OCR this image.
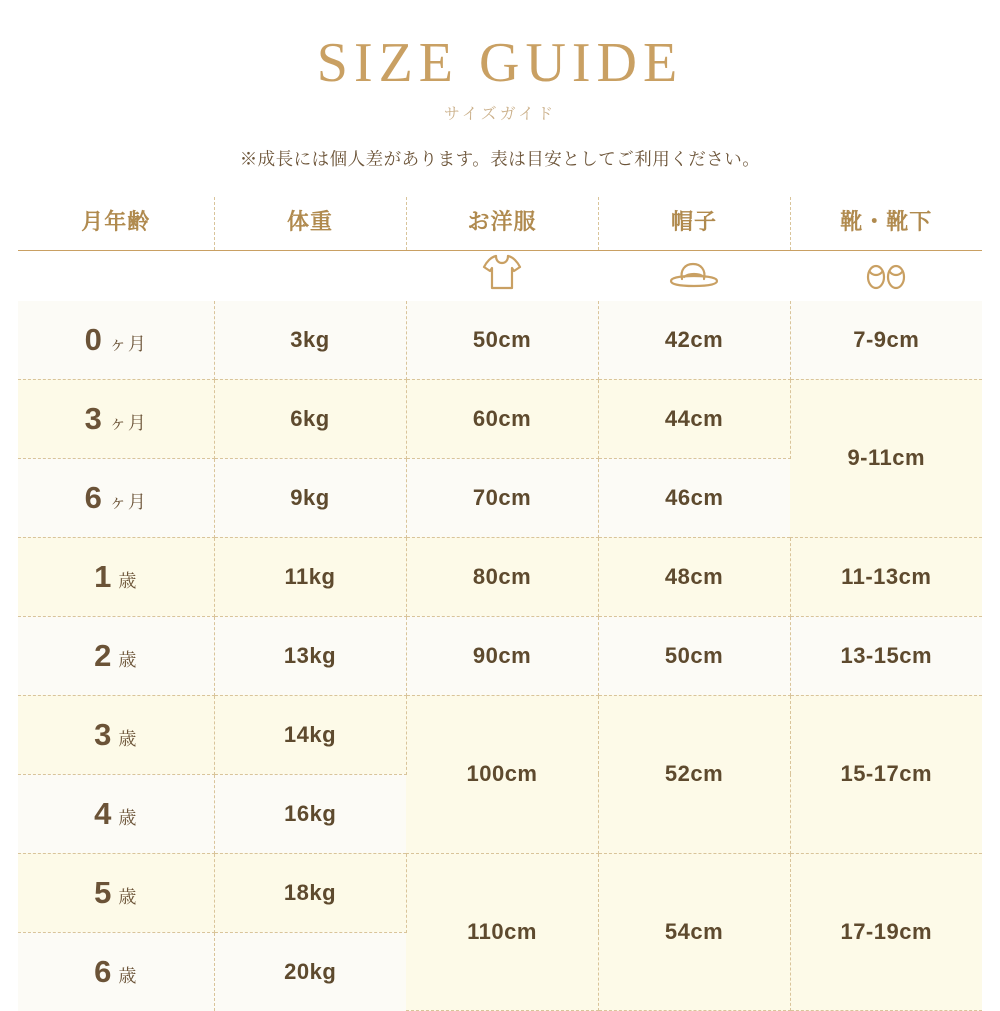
SIZE GUIDE
サイズガイド
※成長には個人差があります。表は目安としてご利用ください。

月年齢	体重	お洋服	帽子	靴・靴下
0 ヶ月	3kg	50cm	42cm	7-9cm
3 ヶ月	6kg	60cm	44cm	9-11cm
6 ヶ月	9kg	70cm	46cm	
1 歳	11kg	80cm	48cm	11-13cm
2 歳	13kg	90cm	50cm	13-15cm
3 歳	14kg	100cm	52cm	15-17cm
4 歳	16kg			
5 歳	18kg	110cm	54cm	17-19cm
6 歳	20kg			
